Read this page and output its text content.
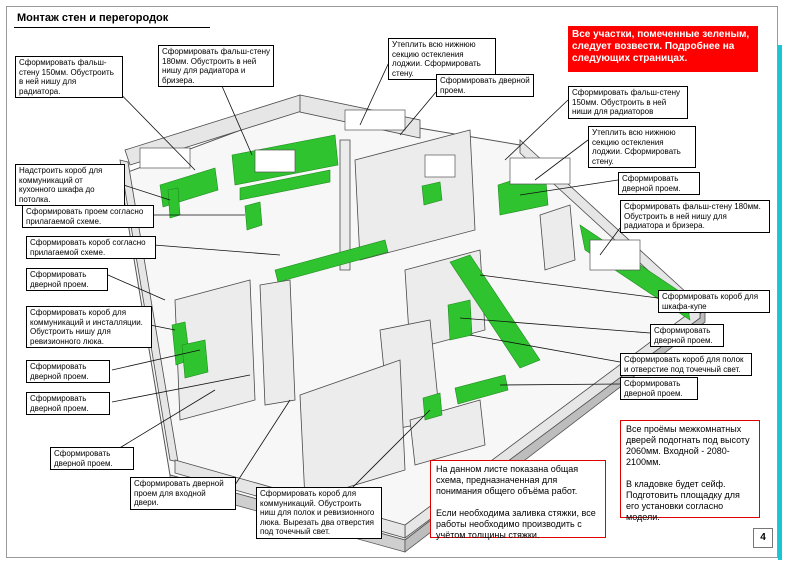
Монтаж стен и перегородок
Все участки, помеченные зеленым, следует возвести. Подробнее на следующих страницах.
Сформировать фальш-стену 150мм. Обустроить в ней нишу для радиатора.
Сформировать фальш-стену 180мм. Обустроить в ней нишу для радиатора и бризера.
Утеплить всю нижнюю секцию остекления лоджии. Сформировать стену.
Сформировать дверной проем.	Сформировать фальш-стену 150мм. Обустроить в ней ниши для радиаторов
Утеплить всю нижнюю секцию остекления лоджии. Сформировать стену.
Надстроить короб для коммуникаций от кухонного шкафа до потолка.
Сформировать дверной проем.
Сформировать проем согласно прилагаемой схеме.
Сформировать фальш-стену 180мм. Обустроить в ней нишу для радиатора и бризера.
Сформировать короб согласно прилагаемой схеме.
Сформировать дверной проем.
Сформировать короб для шкафа-купе
Сформировать короб для коммуникаций и инсталляции. Обустроить нишу для ревизионного люка.
Сформировать дверной проем.
Сформировать дверной проем.
Сформировать короб для полок и отверстие под точечный свет.
Сформировать дверной проем.
Сформировать дверной проем.
Сформировать дверной проем.
Сформировать дверной проем для входной двери.
Сформировать короб для коммуникаций. Обустроить ниш для полок и ревизионного люка. Вырезать два отверстия под точечный свет.
На данном листе показана общая схема, предназначенная для понимания общего объёма работ.

Если необходима заливка стяжки, все работы необходимо производить с учётом толщины стяжки.
Все проёмы межкомнатных дверей подогнать под высоту 2060мм. Входной - 2080-2100мм.

В кладовке будет сейф. Подготовить площадку для его установки согласно модели.
4
